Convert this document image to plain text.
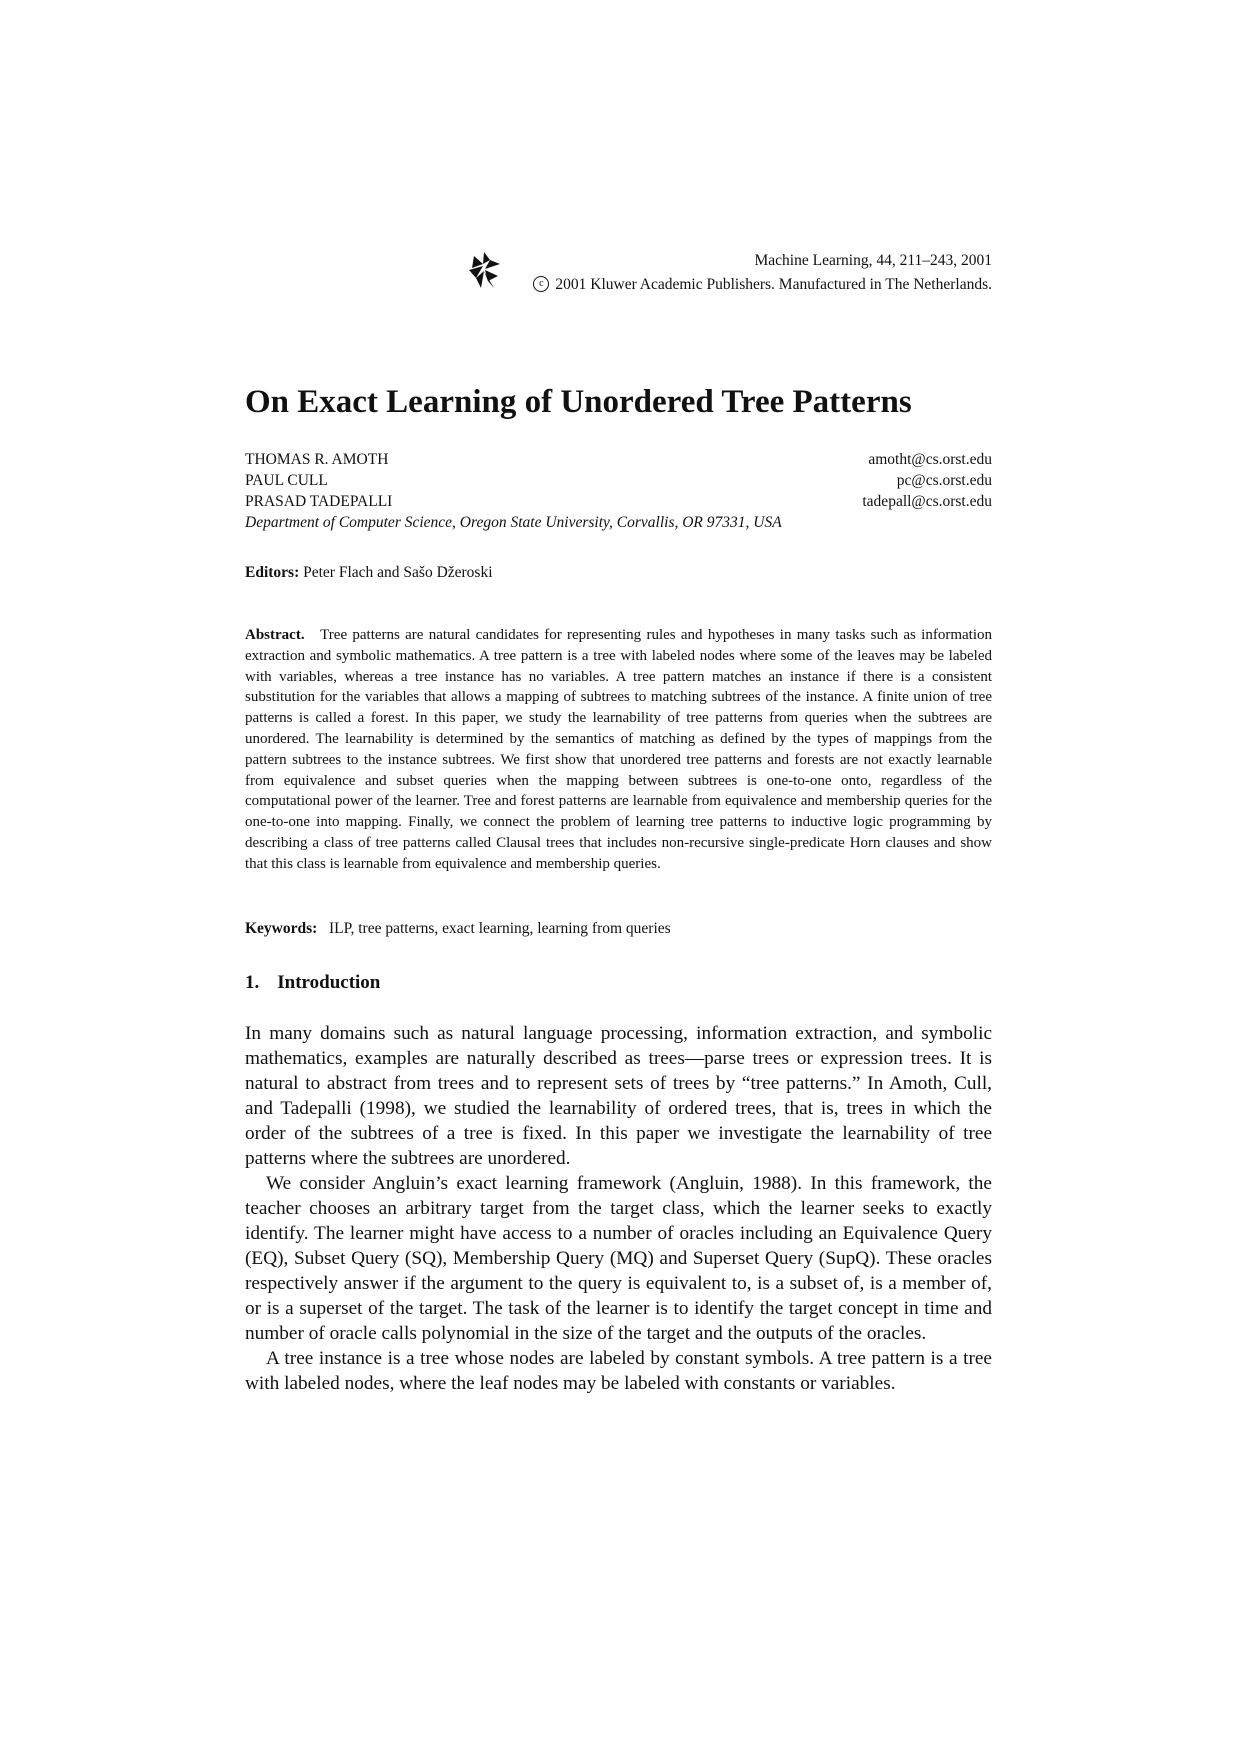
Machine Learning, 44, 211–243, 2001
c 2001 Kluwer Academic Publishers. Manufactured in The Netherlands.
On Exact Learning of Unordered Tree Patterns
THOMAS R. AMOTH	amotht@cs.orst.edu
PAUL CULL	pc@cs.orst.edu
PRASAD TADEPALLI	tadepall@cs.orst.edu
Department of Computer Science, Oregon State University, Corvallis, OR 97331, USA
Editors: Peter Flach and Sašo Džeroski

Abstract. Tree patterns are natural candidates for representing rules and hypotheses in many tasks such as information extraction and symbolic mathematics. A tree pattern is a tree with labeled nodes where some of the leaves may be labeled with variables, whereas a tree instance has no variables. A tree pattern matches an instance if there is a consistent substitution for the variables that allows a mapping of subtrees to matching subtrees of the instance. A finite union of tree patterns is called a forest. In this paper, we study the learnability of tree patterns from queries when the subtrees are unordered. The learnability is determined by the semantics of matching as defined by the types of mappings from the pattern subtrees to the instance subtrees. We first show that unordered tree patterns and forests are not exactly learnable from equivalence and subset queries when the mapping between subtrees is one-to-one onto, regardless of the computational power of the learner. Tree and forest patterns are learnable from equivalence and membership queries for the one-to-one into mapping. Finally, we connect the problem of learning tree patterns to inductive logic programming by describing a class of tree patterns called Clausal trees that includes non-recursive single-predicate Horn clauses and show that this class is learnable from equivalence and membership queries.

Keywords: ILP, tree patterns, exact learning, learning from queries
1. Introduction

In many domains such as natural language processing, information extraction, and symbolic mathematics, examples are naturally described as trees—parse trees or expression trees. It is natural to abstract from trees and to represent sets of trees by “tree patterns.” In Amoth, Cull, and Tadepalli (1998), we studied the learnability of ordered trees, that is, trees in which the order of the subtrees of a tree is fixed. In this paper we investigate the learnability of tree patterns where the subtrees are unordered.

We consider Angluin’s exact learning framework (Angluin, 1988). In this framework, the teacher chooses an arbitrary target from the target class, which the learner seeks to exactly identify. The learner might have access to a number of oracles including an Equivalence Query (EQ), Subset Query (SQ), Membership Query (MQ) and Superset Query (SupQ). These oracles respectively answer if the argument to the query is equivalent to, is a subset of, is a member of, or is a superset of the target. The task of the learner is to identify the target concept in time and number of oracle calls polynomial in the size of the target and the outputs of the oracles.

A tree instance is a tree whose nodes are labeled by constant symbols. A tree pattern is a tree with labeled nodes, where the leaf nodes may be labeled with constants or variables.
